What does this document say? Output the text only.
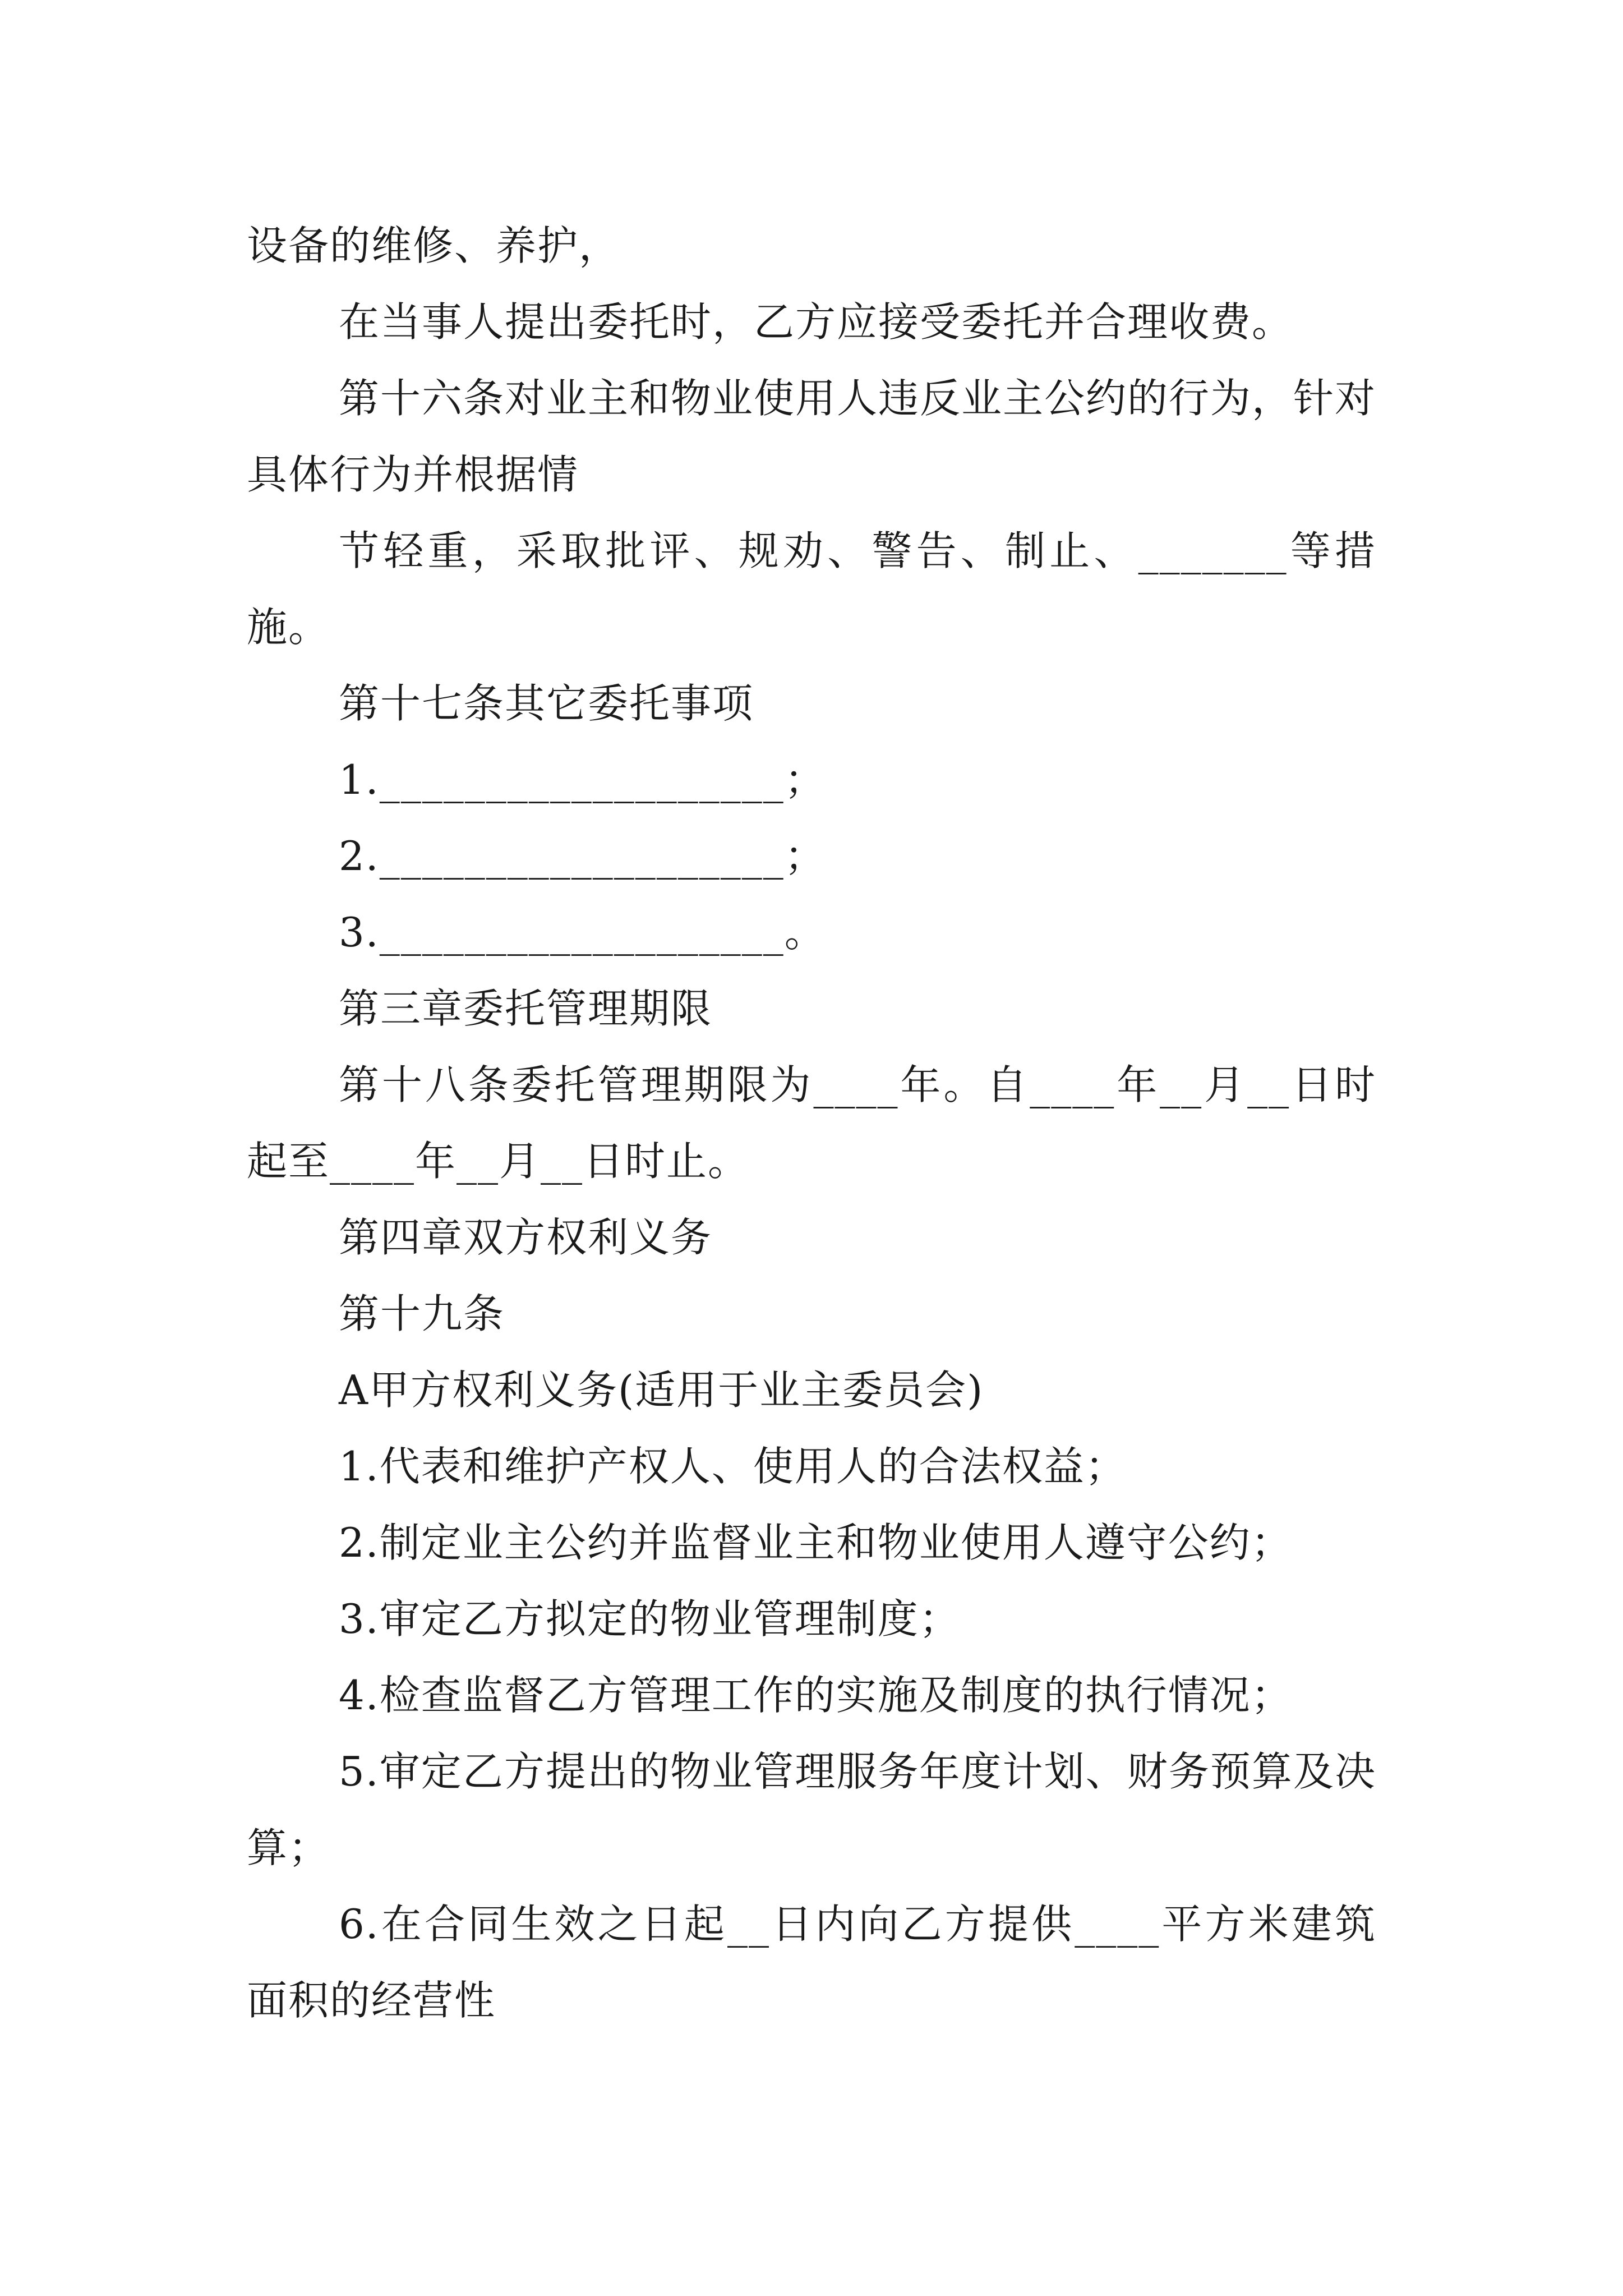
设备的维修、养护，

在当事人提出委托时，乙方应接受委托并合理收费。

第十六条对业主和物业使用人违反业主公约的行为，针对具体行为并根据情

节轻重，采取批评、规劝、警告、制止、_______等措施。

第十七条其它委托事项

1.___________________；

2.___________________；

3.___________________。

第三章委托管理期限

第十八条委托管理期限为____年。自____年__月__日时起至____年__月__日时止。

第四章双方权利义务

第十九条

A甲方权利义务(适用于业主委员会)

1.代表和维护产权人、使用人的合法权益；

2.制定业主公约并监督业主和物业使用人遵守公约；

3.审定乙方拟定的物业管理制度；

4.检查监督乙方管理工作的实施及制度的执行情况；

5.审定乙方提出的物业管理服务年度计划、财务预算及决算；

6.在合同生效之日起__日内向乙方提供____平方米建筑面积的经营性
